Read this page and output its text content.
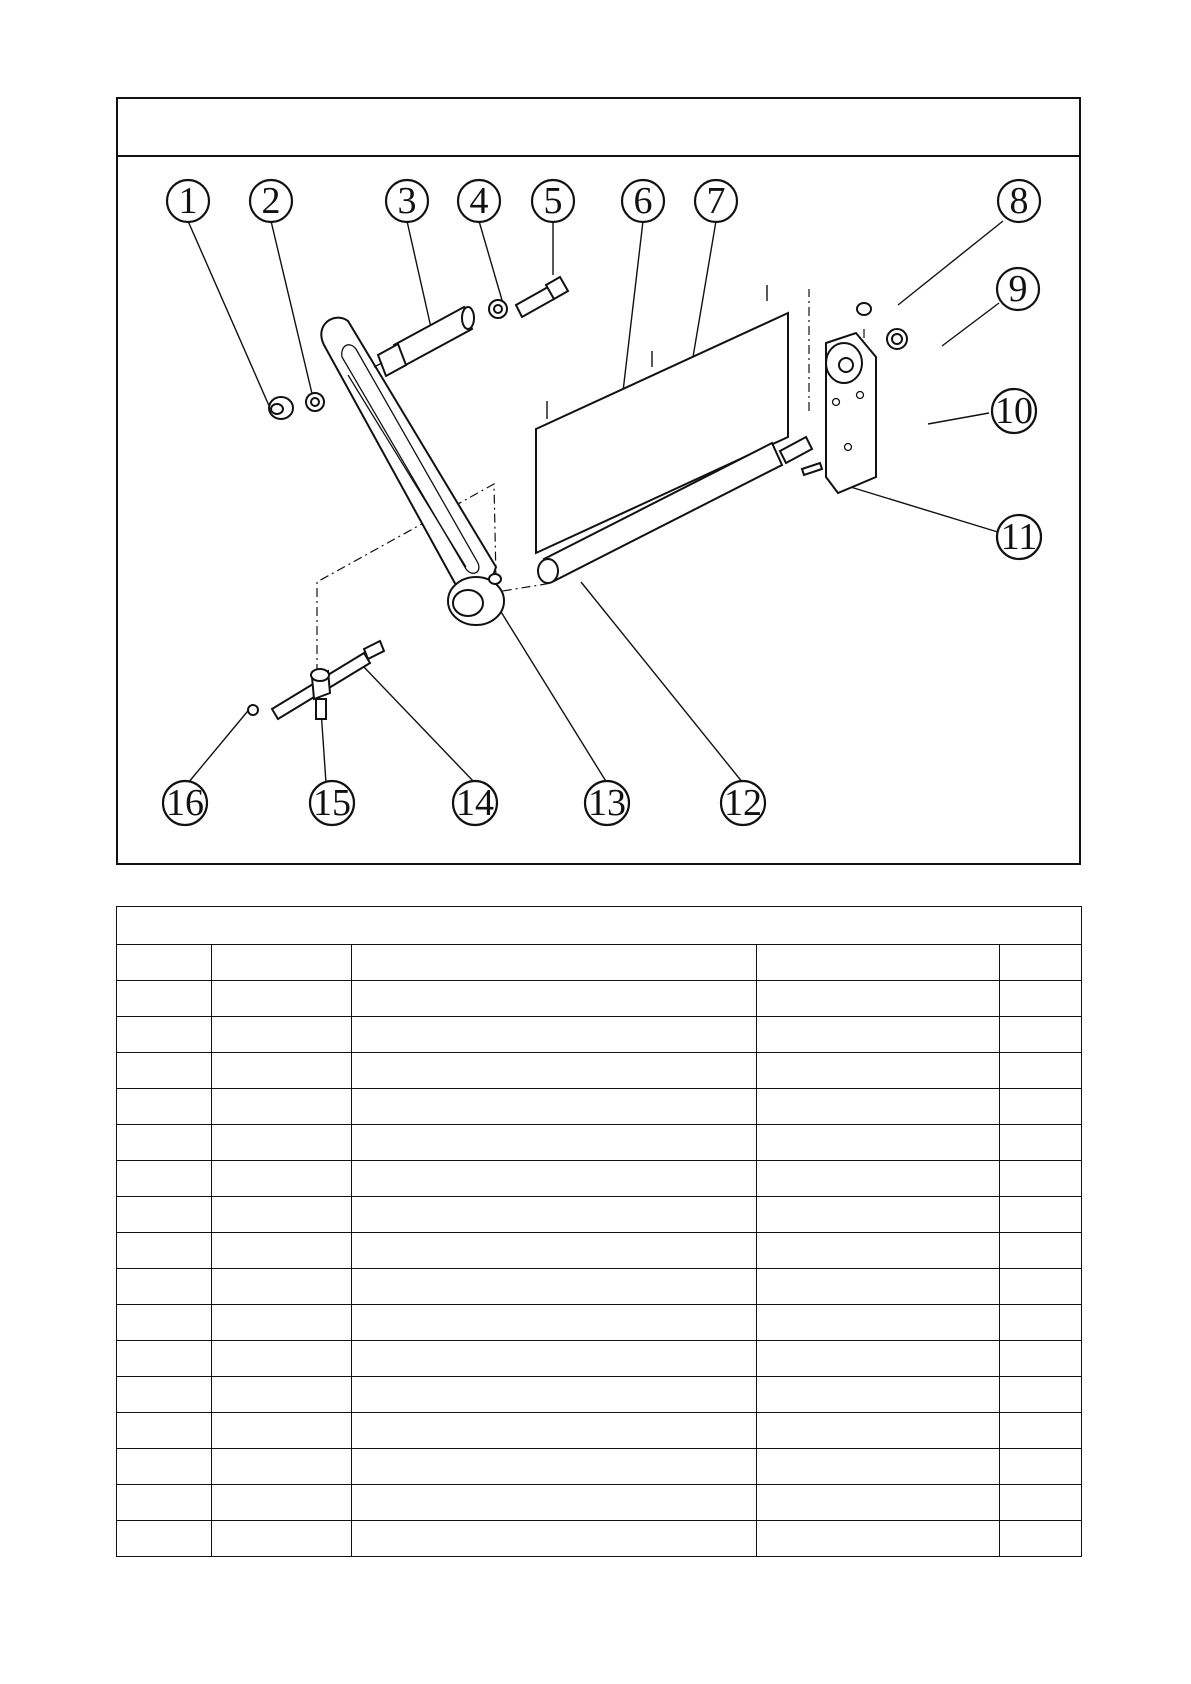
1 2	3 4 5 6 7	8
9
10
11
12
13
14
15
16
